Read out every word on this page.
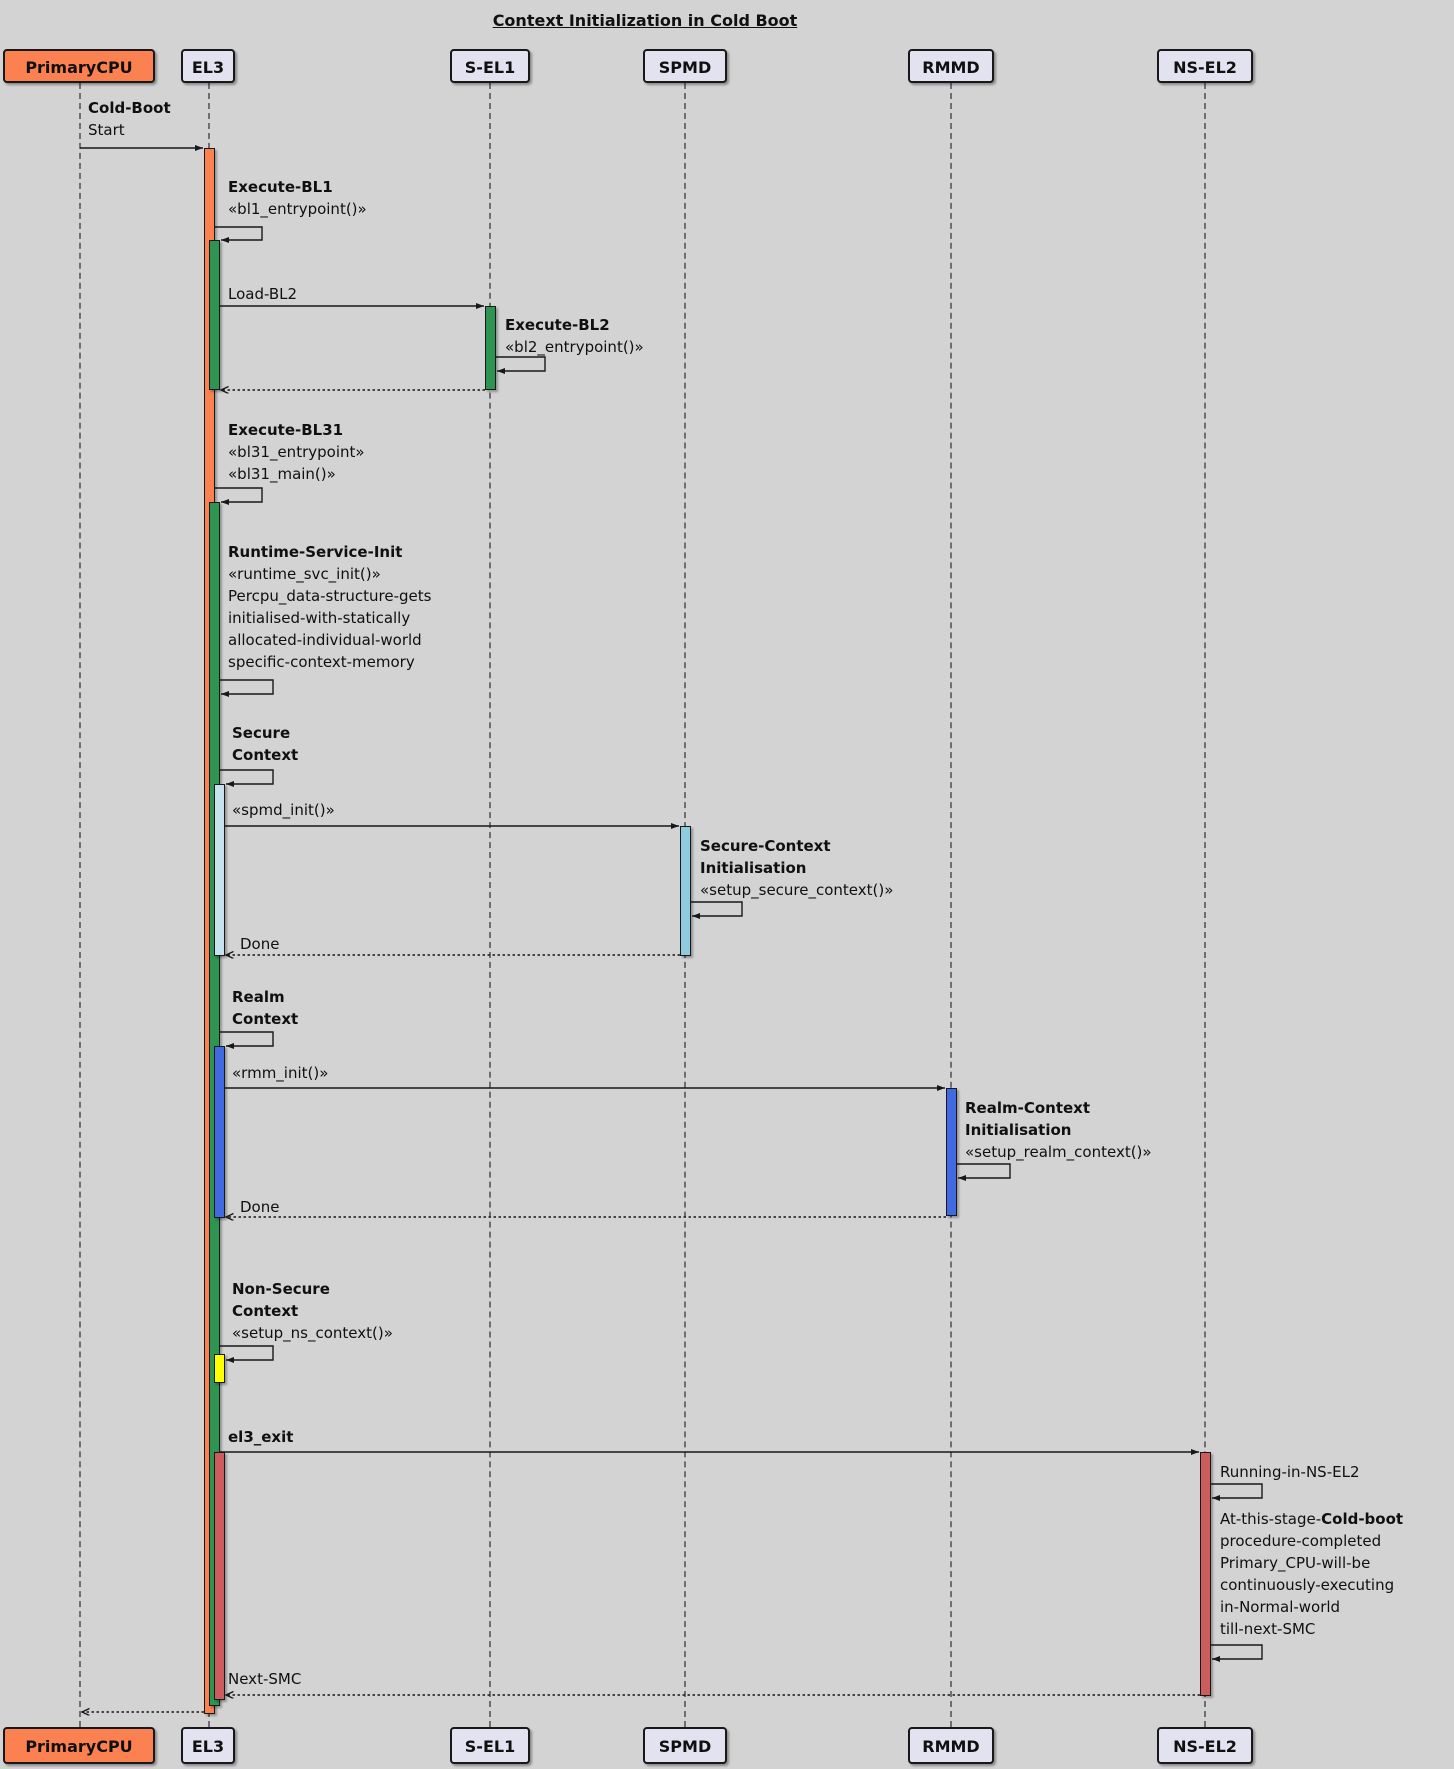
Context Initialization in Cold Boot
PrimaryCPU	EL3	S-EL1	SPMD	RMMD	NS-EL2
Cold-Boot
Start
Execute-BL1
«bl1_entrypoint()»
Load-BL2
Execute-BL2
«bl2_entrypoint()»
Execute-BL31
«bl31_entrypoint»
«bl31_main()»
Runtime-Service-Init
«runtime_svc_init()»
Percpu_data-structure-gets
initialised-with-statically
allocated-individual-world
specific-context-memory
Secure
Context
«spmd_init()»
Secure-Context
Initialisation
«setup_secure_context()»
Done
Realm
Context
«rmm_init()»
Realm-Context
Initialisation
«setup_realm_context()»
Done
Non-Secure
Context
«setup_ns_context()»
el3_exit
Running-in-NS-EL2
At-this-stage-Cold-boot
procedure-completed
Primary_CPU-will-be
continuously-executing
in-Normal-world
till-next-SMC
Next-SMC
PrimaryCPU	EL3	S-EL1	SPMD	RMMD	NS-EL2
